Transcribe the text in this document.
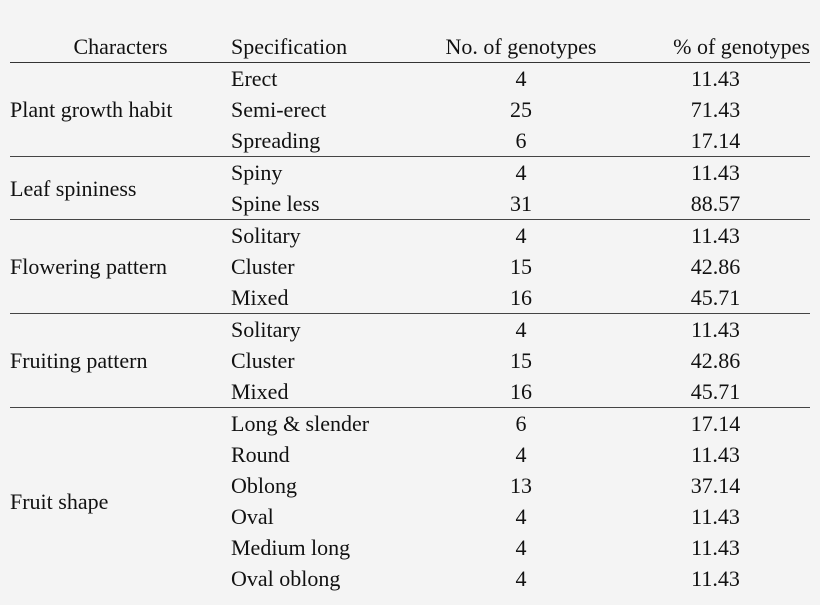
Characters	Specification	No. of genotypes	% of genotypes
Plant growth habit	Erect	4	11.43
	Semi-erect	25	71.43
	Spreading	6	17.14
Leaf spininess	Spiny	4	11.43
	Spine less	31	88.57
Flowering pattern	Solitary	4	11.43
	Cluster	15	42.86
	Mixed	16	45.71
Fruiting pattern	Solitary	4	11.43
	Cluster	15	42.86
	Mixed	16	45.71
Fruit shape	Long & slender	6	17.14
	Round	4	11.43
	Oblong	13	37.14
	Oval	4	11.43
	Medium long	4	11.43
	Oval oblong	4	11.43
